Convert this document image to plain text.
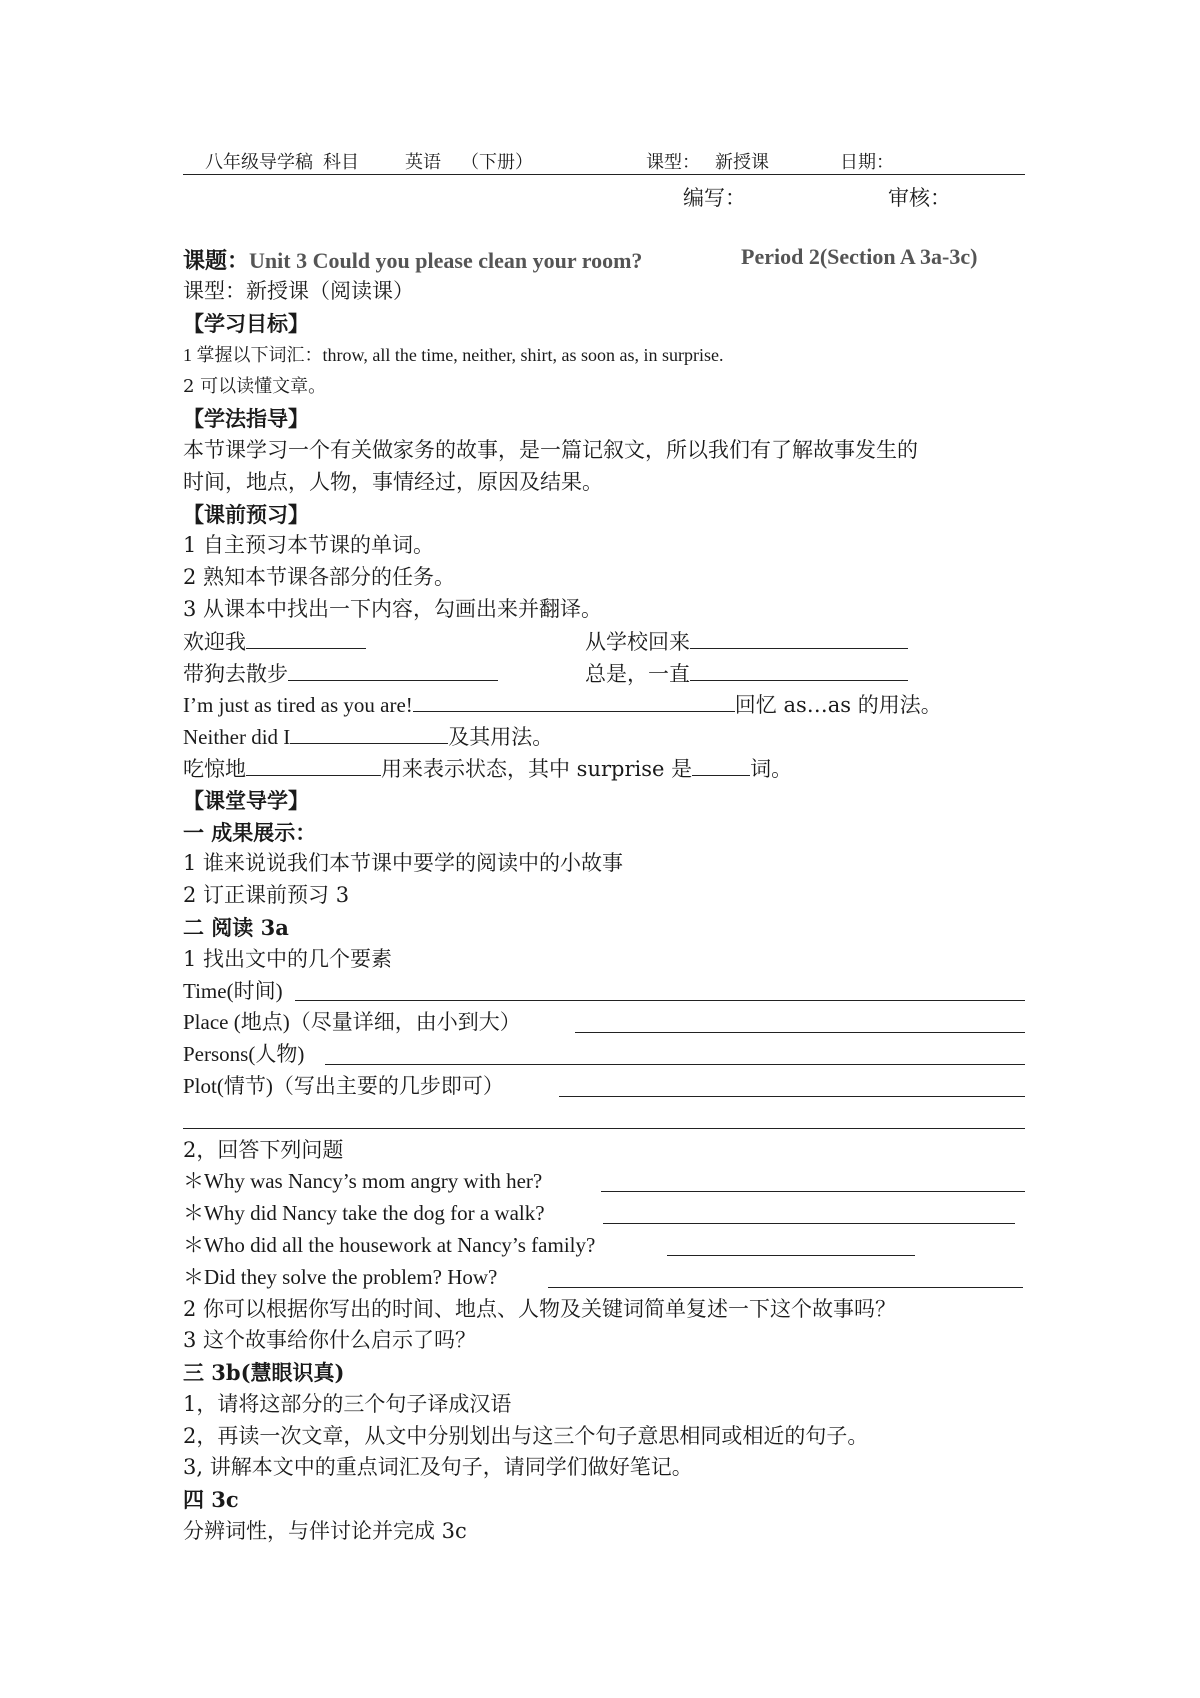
八年级导学稿 科目	英语 （下册）	课型： 新授课	日期：
编写：	审核：
课题：Unit 3 Could you please clean your room?	Period 2(Section A 3a-3c)
课型：新授课（阅读课）
【学习目标】
1 掌握以下词汇：throw, all the time, neither, shirt, as soon as, in surprise.
2 可以读懂文章。
【学法指导】
本节课学习一个有关做家务的故事，是一篇记叙文，所以我们有了解故事发生的
时间，地点，人物，事情经过，原因及结果。
【课前预习】
1 自主预习本节课的单词。
2 熟知本节课各部分的任务。
3 从课本中找出一下内容，勾画出来并翻译。
欢迎我	从学校回来
带狗去散步	总是，一直
I’m just as tired as you are!	回忆 as…as 的用法。
Neither did I	及其用法。
吃惊地	用来表示状态，其中 surprise 是	词。
【课堂导学】
一 成果展示：
1 谁来说说我们本节课中要学的阅读中的小故事
2 订正课前预习 3
二 阅读 3a
1 找出文中的几个要素
Time(时间)
Place (地点)（尽量详细，由小到大）
Persons(人物)
Plot(情节)（写出主要的几步即可）
2，回答下列问题
＊Why was Nancy’s mom angry with her?
＊Why did Nancy take the dog for a walk?
＊Who did all the housework at Nancy’s family?
＊Did they solve the problem? How?
2 你可以根据你写出的时间、地点、人物及关键词简单复述一下这个故事吗？
3 这个故事给你什么启示了吗？
三 3b(慧眼识真)
1，请将这部分的三个句子译成汉语
2，再读一次文章，从文中分别划出与这三个句子意思相同或相近的句子。
3, 讲解本文中的重点词汇及句子，请同学们做好笔记。
四 3c
分辨词性，与伴讨论并完成 3c
